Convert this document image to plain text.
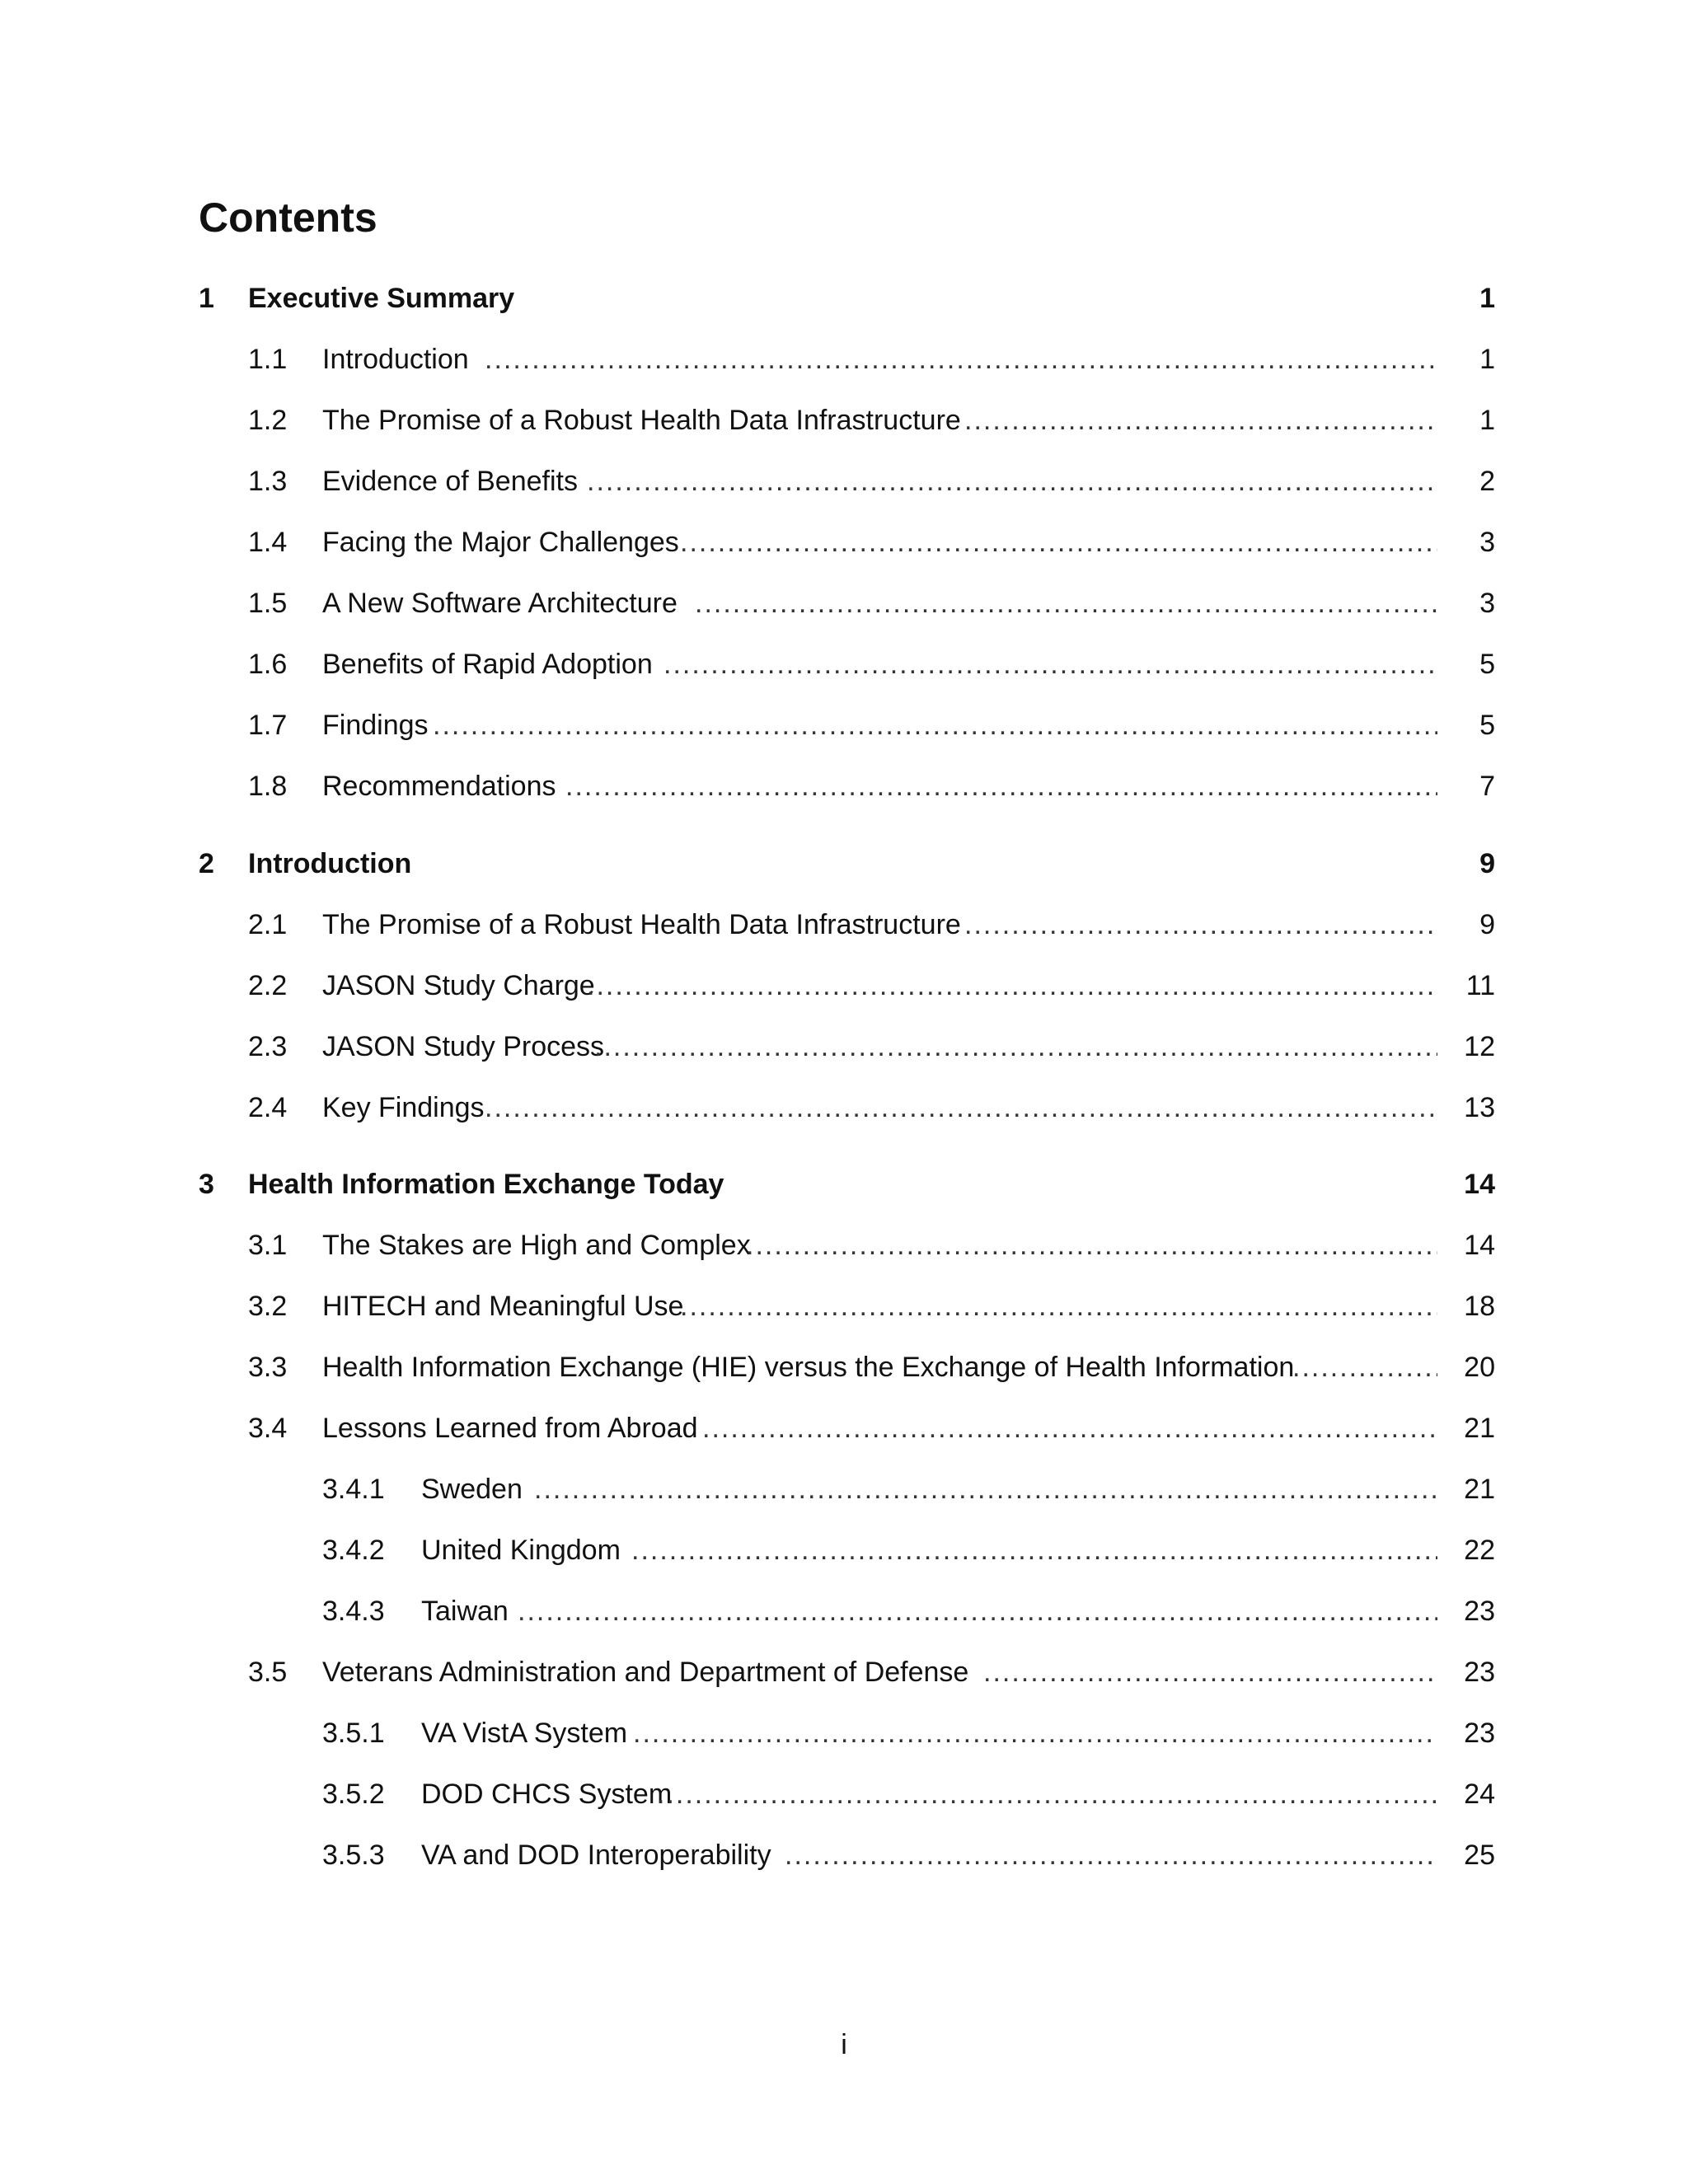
Contents
1 Executive Summary	1
1.1 Introduction .....	1
1.2 The Promise of a Robust Health Data Infrastructure .....	1
1.3 Evidence of Benefits .....	2
1.4 Facing the Major Challenges .....	3
1.5 A New Software Architecture .....	3
1.6 Benefits of Rapid Adoption .....	5
1.7 Findings .....	5
1.8 Recommendations .....	7
2 Introduction	9
2.1 The Promise of a Robust Health Data Infrastructure .....	9
2.2 JASON Study Charge .....	11
2.3 JASON Study Process .....	12
2.4 Key Findings .....	13
3 Health Information Exchange Today	14
3.1 The Stakes are High and Complex .....	14
3.2 HITECH and Meaningful Use .....	18
3.3 Health Information Exchange (HIE) versus the Exchange of Health Information .....	20
3.4 Lessons Learned from Abroad .....	21
3.4.1 Sweden .....	21
3.4.2 United Kingdom .....	22
3.4.3 Taiwan .....	23
3.5 Veterans Administration and Department of Defense .....	23
3.5.1 VA VistA System .....	23
3.5.2 DOD CHCS System .....	24
3.5.3 VA and DOD Interoperability .....	25
i
